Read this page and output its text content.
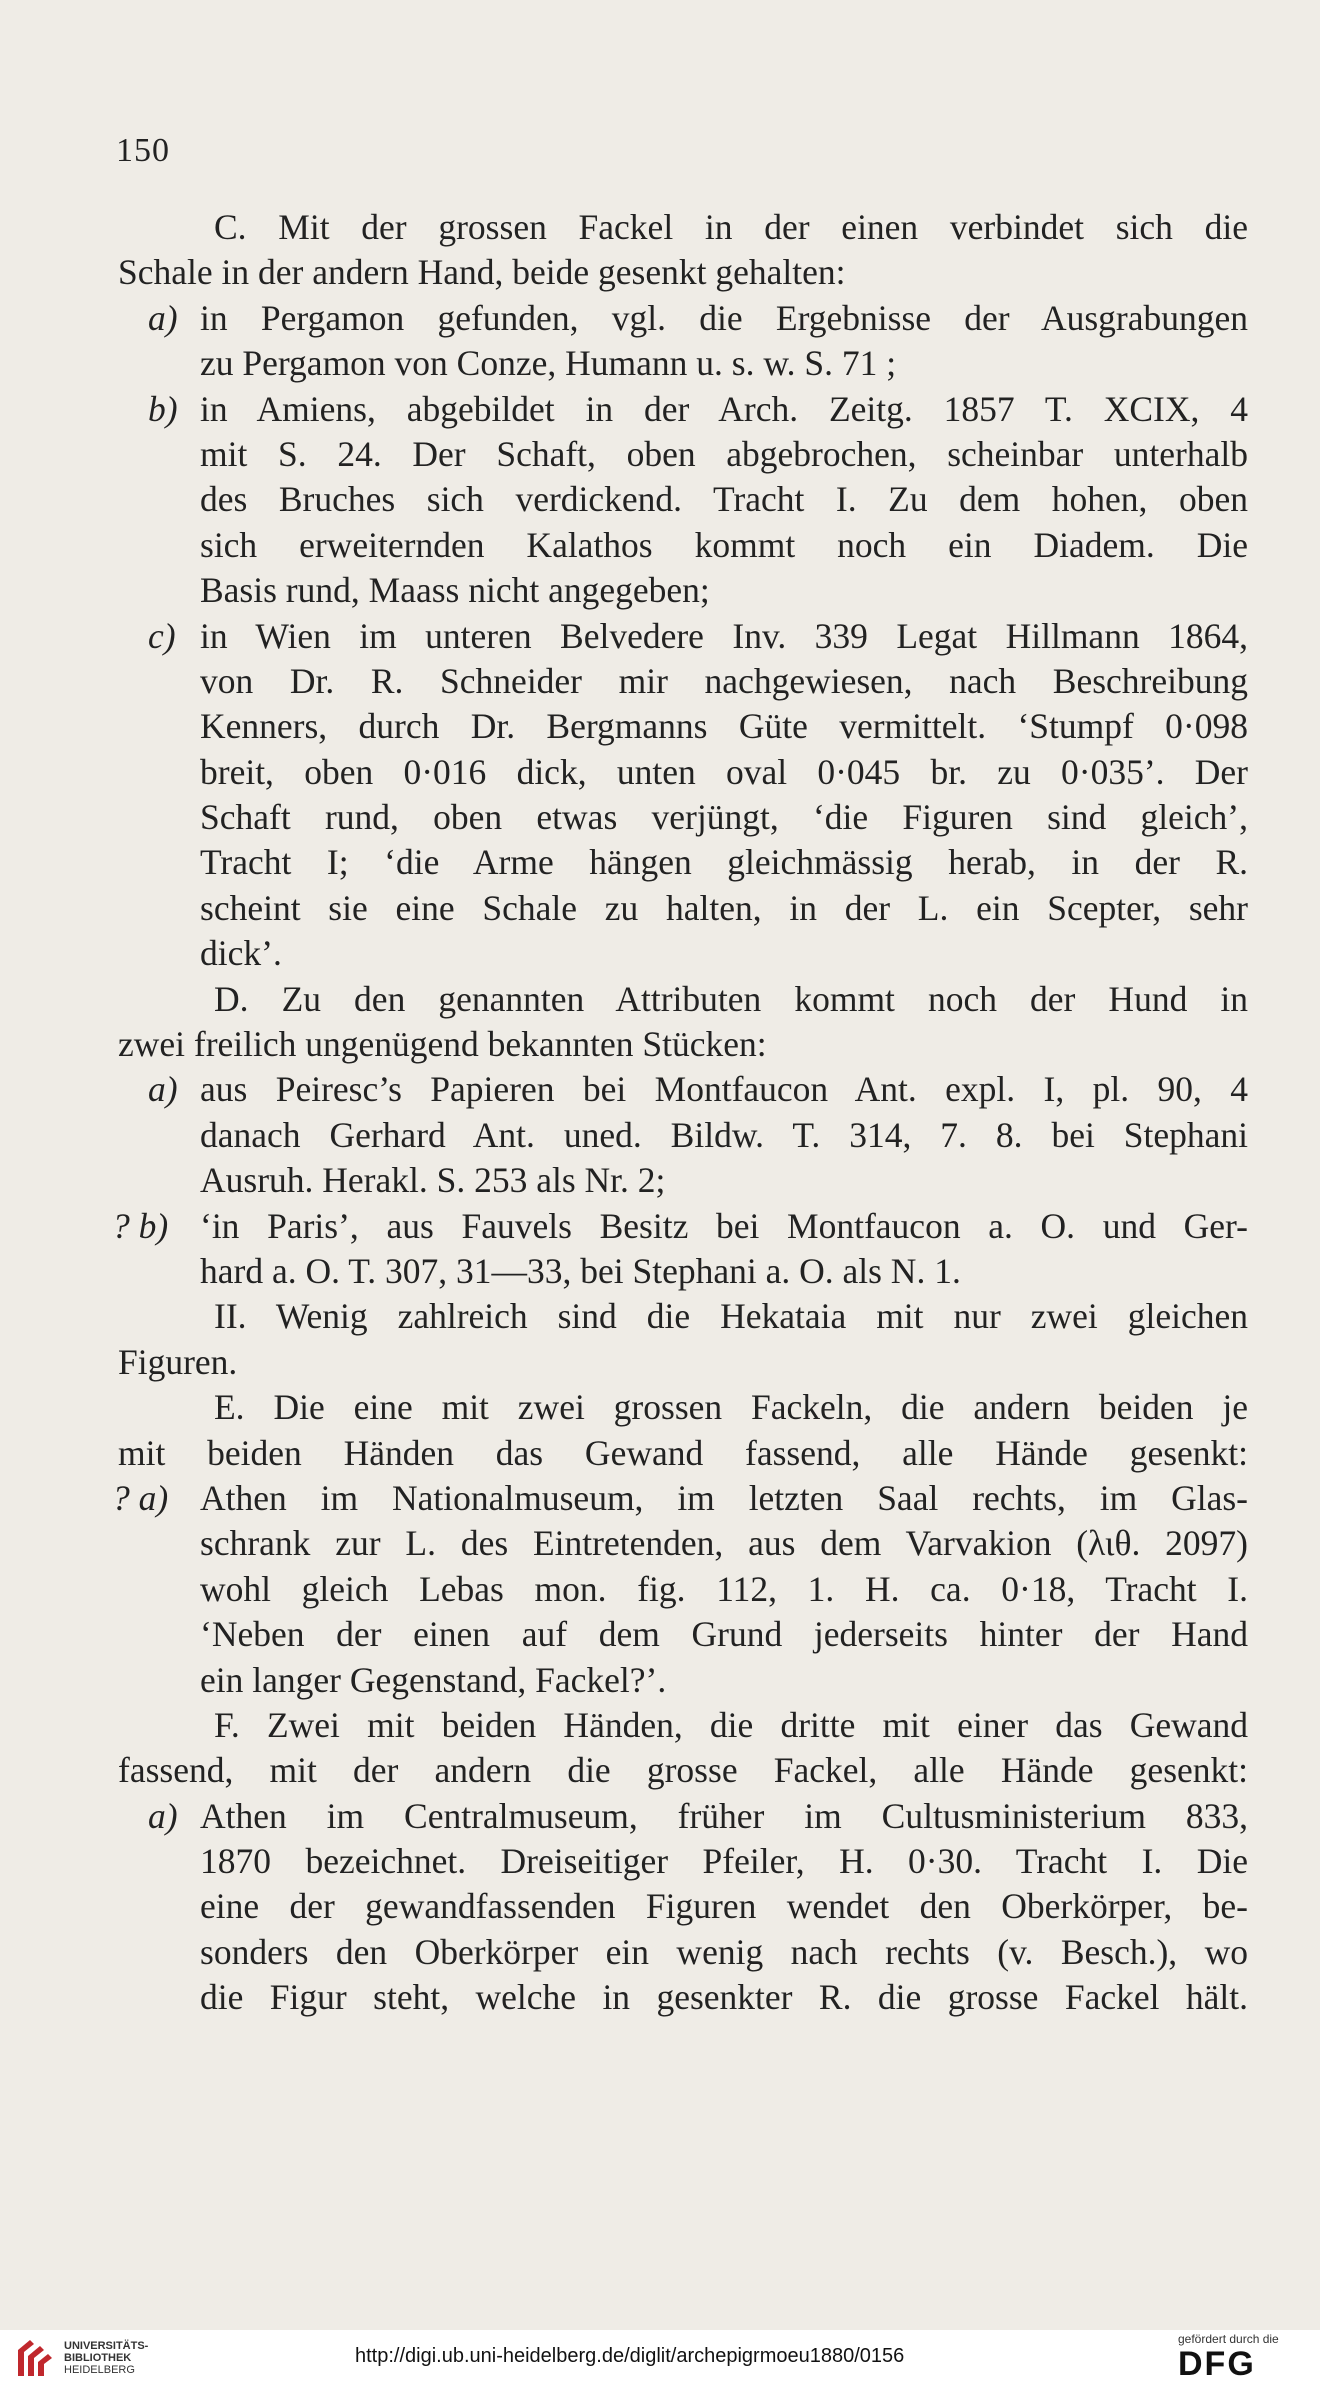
150
C. Mit der grossen Fackel in der einen verbindet sich die
Schale in der andern Hand, beide gesenkt gehalten:
a) in Pergamon gefunden, vgl. die Ergebnisse der Ausgrabungen
zu Pergamon von Conze, Humann u. s. w. S. 71 ;
b) in Amiens, abgebildet in der Arch. Zeitg. 1857 T. XCIX, 4
mit S. 24. Der Schaft, oben abgebrochen, scheinbar unterhalb
des Bruches sich verdickend. Tracht I. Zu dem hohen, oben
sich erweiternden Kalathos kommt noch ein Diadem. Die
Basis rund, Maass nicht angegeben;
c) in Wien im unteren Belvedere Inv. 339 Legat Hillmann 1864,
von Dr. R. Schneider mir nachgewiesen, nach Beschreibung
Kenners, durch Dr. Bergmanns Güte vermittelt. ‘Stumpf 0·098
breit, oben 0·016 dick, unten oval 0·045 br. zu 0·035’. Der
Schaft rund, oben etwas verjüngt, ‘die Figuren sind gleich’,
Tracht I; ‘die Arme hängen gleichmässig herab, in der R.
scheint sie eine Schale zu halten, in der L. ein Scepter, sehr
dick’.
D. Zu den genannten Attributen kommt noch der Hund in
zwei freilich ungenügend bekannten Stücken:
a) aus Peiresc’s Papieren bei Montfaucon Ant. expl. I, pl. 90, 4
danach Gerhard Ant. uned. Bildw. T. 314, 7. 8. bei Stephani
Ausruh. Herakl. S. 253 als Nr. 2;
? b) ‘in Paris’, aus Fauvels Besitz bei Montfaucon a. O. und Ger-
hard a. O. T. 307, 31—33, bei Stephani a. O. als N. 1.
II. Wenig zahlreich sind die Hekataia mit nur zwei gleichen
Figuren.
E. Die eine mit zwei grossen Fackeln, die andern beiden je
mit beiden Händen das Gewand fassend, alle Hände gesenkt:
? a) Athen im Nationalmuseum, im letzten Saal rechts, im Glas-
schrank zur L. des Eintretenden, aus dem Varvakion (λιθ. 2097)
wohl gleich Lebas mon. fig. 112, 1. H. ca. 0·18, Tracht I.
‘Neben der einen auf dem Grund jederseits hinter der Hand
ein langer Gegenstand, Fackel?’.
F. Zwei mit beiden Händen, die dritte mit einer das Gewand
fassend, mit der andern die grosse Fackel, alle Hände gesenkt:
a) Athen im Centralmuseum, früher im Cultusministerium 833,
1870 bezeichnet. Dreiseitiger Pfeiler, H. 0·30. Tracht I. Die
eine der gewandfassenden Figuren wendet den Oberkörper, be-
sonders den Oberkörper ein wenig nach rechts (v. Besch.), wo
die Figur steht, welche in gesenkter R. die grosse Fackel hält.
UNIVERSITÄTS-
BIBLIOTHEK
HEIDELBERG
http://digi.ub.uni-heidelberg.de/diglit/archepigrmoeu1880/0156
gefördert durch die
DFG
